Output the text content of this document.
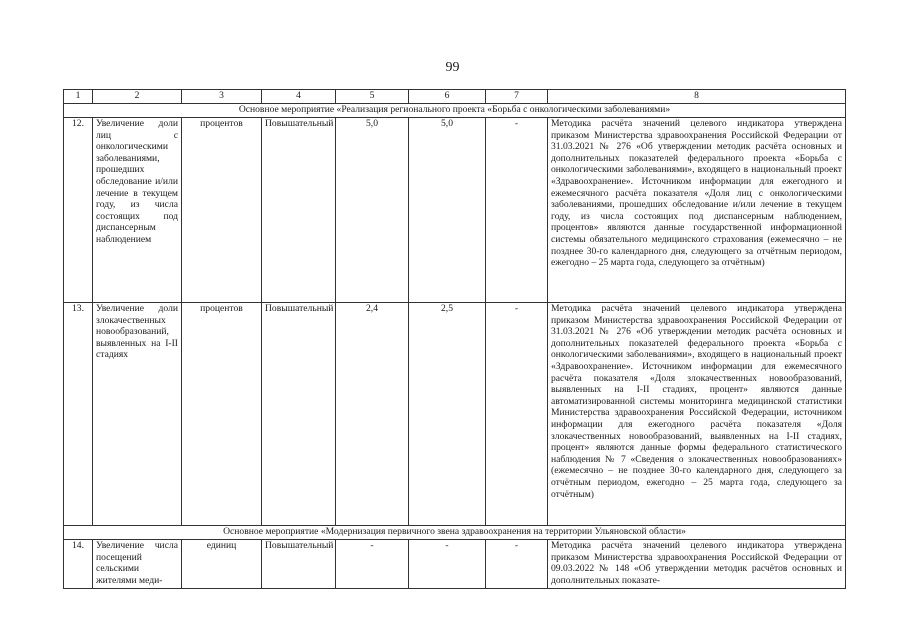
99
1	2	3	4	5	6	7	8
Основное мероприятие «Реализация регионального проекта «Борьба с онкологическими заболеваниями»							
12.	Увеличение доли лиц с онкологическими заболеваниями, прошедших обследование и/или лечение в текущем году, из числа состоящих под диспансерным наблюдением	процентов	Повышательный	5,0	5,0	-	Методика расчёта значений целевого индикатора утверждена приказом Министерства здравоохранения Российской Федерации от 31.03.2021 № 276 «Об утверждении методик расчёта основных и дополнительных показателей федерального проекта «Борьба с онкологическими заболеваниями», входящего в национальный проект «Здравоохранение». Источником информации для ежегодного и ежемесячного расчёта показателя «Доля лиц с онкологическими заболеваниями, прошедших обследование и/или лечение в текущем году, из числа состоящих под диспансерным наблюдением, процентов» являются данные государственной информационной системы обязательного медицинского страхования (ежемесячно – не позднее 30-го календарного дня, следующего за отчётным периодом, ежегодно – 25 марта года, следующего за отчётным)
13.	Увеличение доли злокачественных новообразований, выявленных на I-II стадиях	процентов	Повышательный	2,4	2,5	-	Методика расчёта значений целевого индикатора утверждена приказом Министерства здравоохранения Российской Федерации от 31.03.2021 № 276 «Об утверждении методик расчёта основных и дополнительных показателей федерального проекта «Борьба с онкологическими заболеваниями», входящего в национальный проект «Здравоохранение». Источником информации для ежемесячного расчёта показателя «Доля злокачественных новообразований, выявленных на I-II стадиях, процент» являются данные автоматизированной системы мониторинга медицинской статистики Министерства здравоохранения Российской Федерации, источником информации для ежегодного расчёта показателя «Доля злокачественных новообразований, выявленных на I-II стадиях, процент» являются данные формы федерального статистического наблюдения № 7 «Сведения о злокачественных новообразованиях» (ежемесячно – не позднее 30-го календарного дня, следующего за отчётным периодом, ежегодно – 25 марта года, следующего за отчётным)
Основное мероприятие «Модернизация первичного звена здравоохранения на территории Ульяновской области»							
14.	Увеличение числа посещений сельскими жителями меди-	единиц	Повышательный	-	-	-	Методика расчёта значений целевого индикатора утверждена приказом Министерства здравоохранения Российской Федерации от 09.03.2022 № 148 «Об утверждении методик расчётов основных и дополнительных показате-
